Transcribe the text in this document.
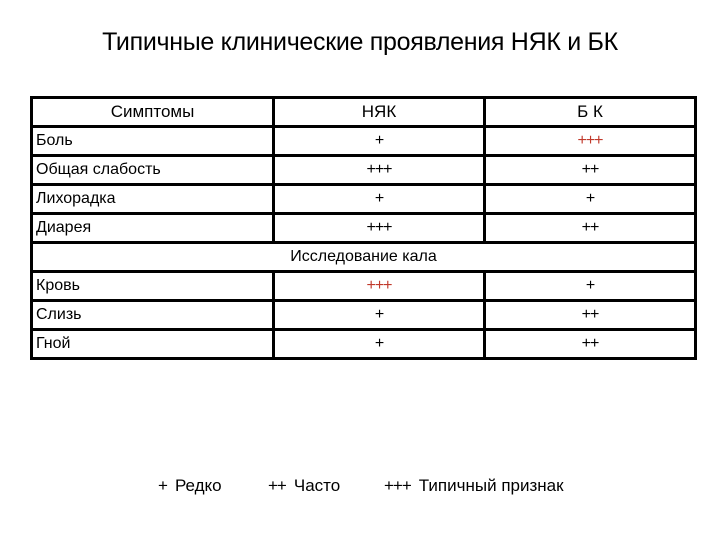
Типичные клинические проявления НЯК и БК
Симптомы	НЯК	Б К
Боль	+	+++
Общая слабость	+++	++
Лихорадка	+	+
Диарея	+++	++
Исследование кала		
Кровь	+++	+
Слизь	+	++
Гной	+	++
+ Редко	++ Часто	+++ Типичный признак
